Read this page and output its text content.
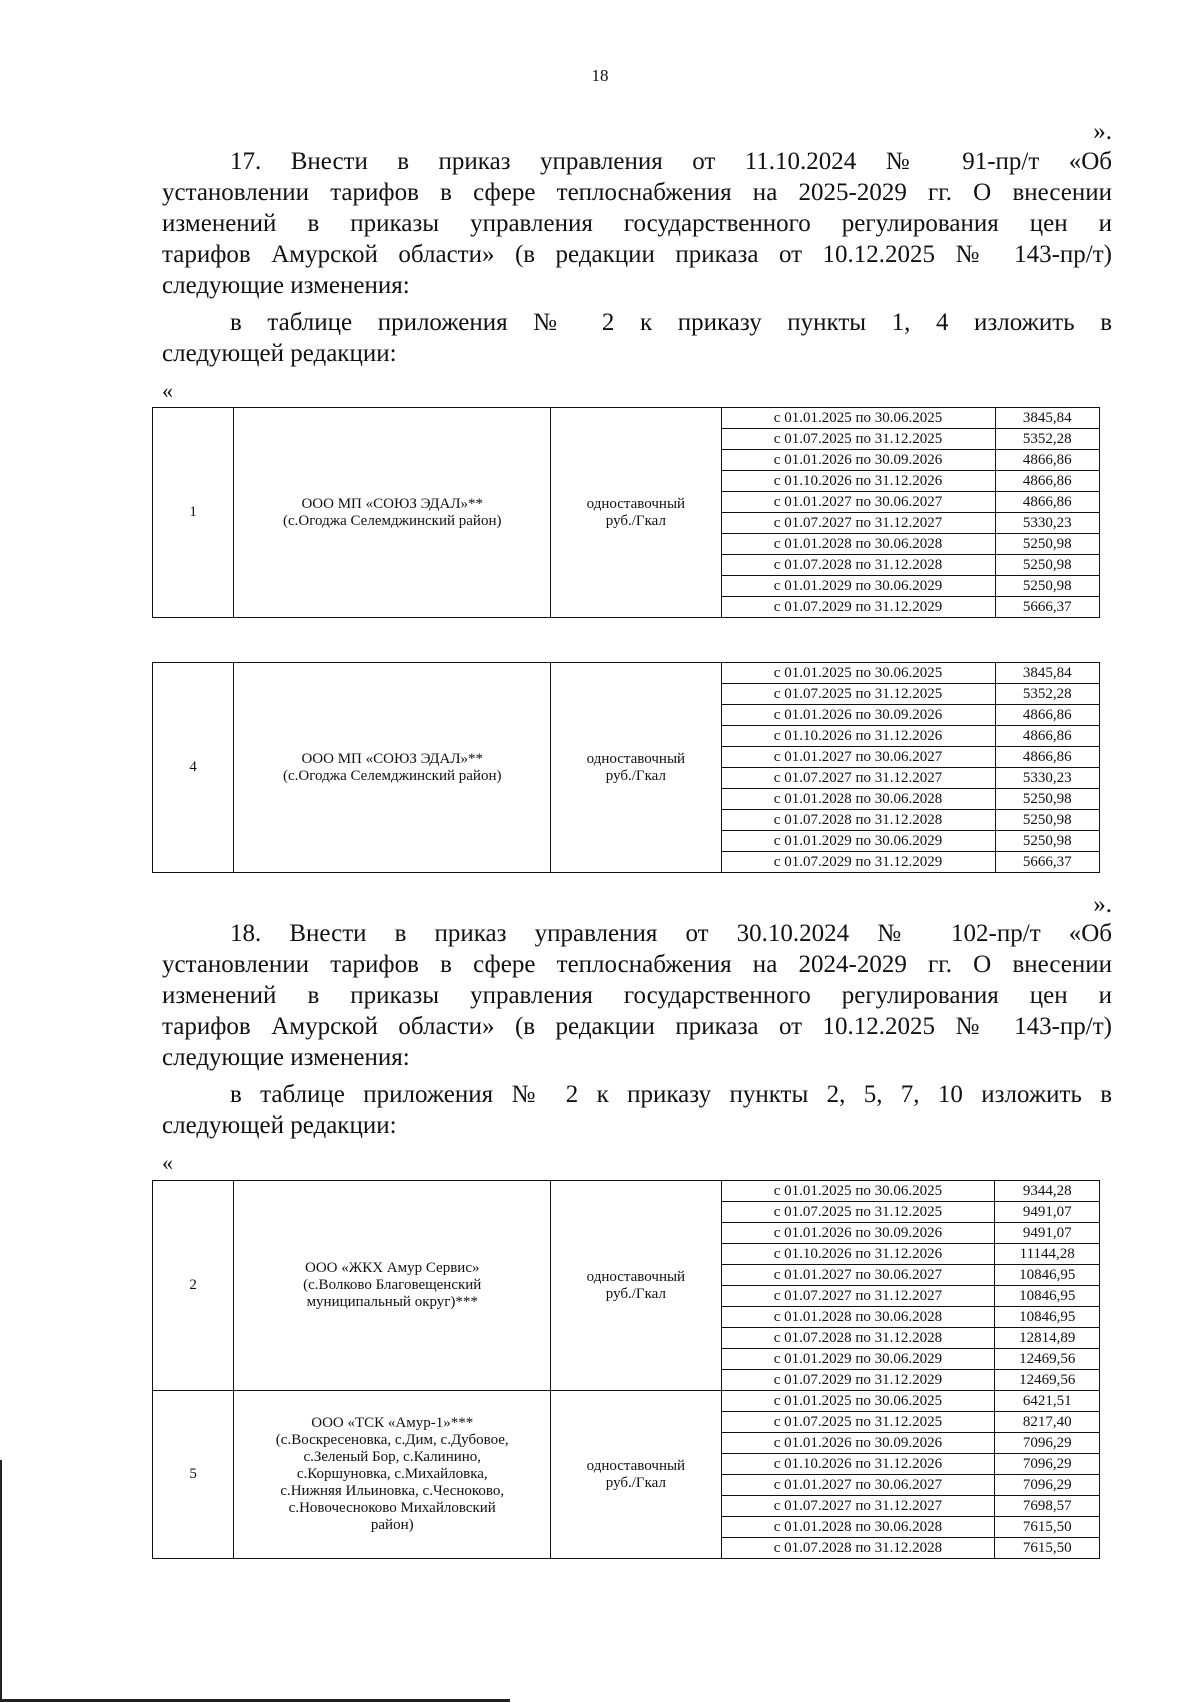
18
».
17. Внести в приказ управления от 11.10.2024 № 91-пр/т «Об
установлении тарифов в сфере теплоснабжения на 2025-2029 гг. О внесении
изменений в приказы управления государственного регулирования цен и
тарифов Амурской области» (в редакции приказа от 10.12.2025 № 143-пр/т)
следующие изменения:
в таблице приложения № 2 к приказу пункты 1, 4 изложить в
следующей редакции:
«
1	
ООО МП «СОЮЗ ЭДАЛ»**
(с.Огоджа Селемджинский район)

одноставочный
руб./Гкал
	с 01.01.2025 по 30.06.2025	3845,84
			с 01.07.2025 по 31.12.2025	5352,28
			с 01.01.2026 по 30.09.2026	4866,86
			с 01.10.2026 по 31.12.2026	4866,86
			с 01.01.2027 по 30.06.2027	4866,86
			с 01.07.2027 по 31.12.2027	5330,23
			с 01.01.2028 по 30.06.2028	5250,98
			с 01.07.2028 по 31.12.2028	5250,98
			с 01.01.2029 по 30.06.2029	5250,98
			с 01.07.2029 по 31.12.2029	5666,37
4	
ООО МП «СОЮЗ ЭДАЛ»**
(с.Огоджа Селемджинский район)

одноставочный
руб./Гкал
	с 01.01.2025 по 30.06.2025	3845,84
			с 01.07.2025 по 31.12.2025	5352,28
			с 01.01.2026 по 30.09.2026	4866,86
			с 01.10.2026 по 31.12.2026	4866,86
			с 01.01.2027 по 30.06.2027	4866,86
			с 01.07.2027 по 31.12.2027	5330,23
			с 01.01.2028 по 30.06.2028	5250,98
			с 01.07.2028 по 31.12.2028	5250,98
			с 01.01.2029 по 30.06.2029	5250,98
			с 01.07.2029 по 31.12.2029	5666,37
».
18. Внести в приказ управления от 30.10.2024 № 102-пр/т «Об
установлении тарифов в сфере теплоснабжения на 2024-2029 гг. О внесении
изменений в приказы управления государственного регулирования цен и
тарифов Амурской области» (в редакции приказа от 10.12.2025 № 143-пр/т)
следующие изменения:
в таблице приложения № 2 к приказу пункты 2, 5, 7, 10 изложить в
следующей редакции:
«
2	
ООО «ЖКХ Амур Сервис»
(с.Волково Благовещенский
муниципальный округ)***

одноставочный
руб./Гкал
	с 01.01.2025 по 30.06.2025	9344,28
			с 01.07.2025 по 31.12.2025	9491,07
			с 01.01.2026 по 30.09.2026	9491,07
			с 01.10.2026 по 31.12.2026	11144,28
			с 01.01.2027 по 30.06.2027	10846,95
			с 01.07.2027 по 31.12.2027	10846,95
			с 01.01.2028 по 30.06.2028	10846,95
			с 01.07.2028 по 31.12.2028	12814,89
			с 01.01.2029 по 30.06.2029	12469,56
			с 01.07.2029 по 31.12.2029	12469,56
5	
ООО «ТСК «Амур-1»***
(с.Воскресеновка, с.Дим, с.Дубовое,
с.Зеленый Бор, с.Калинино,
с.Коршуновка, с.Михайловка,
с.Нижняя Ильиновка, с.Чесноково,
с.Новочесноково Михайловский
район)

одноставочный
руб./Гкал
	с 01.01.2025 по 30.06.2025	6421,51
			с 01.07.2025 по 31.12.2025	8217,40
			с 01.01.2026 по 30.09.2026	7096,29
			с 01.10.2026 по 31.12.2026	7096,29
			с 01.01.2027 по 30.06.2027	7096,29
			с 01.07.2027 по 31.12.2027	7698,57
			с 01.01.2028 по 30.06.2028	7615,50
			с 01.07.2028 по 31.12.2028	7615,50
